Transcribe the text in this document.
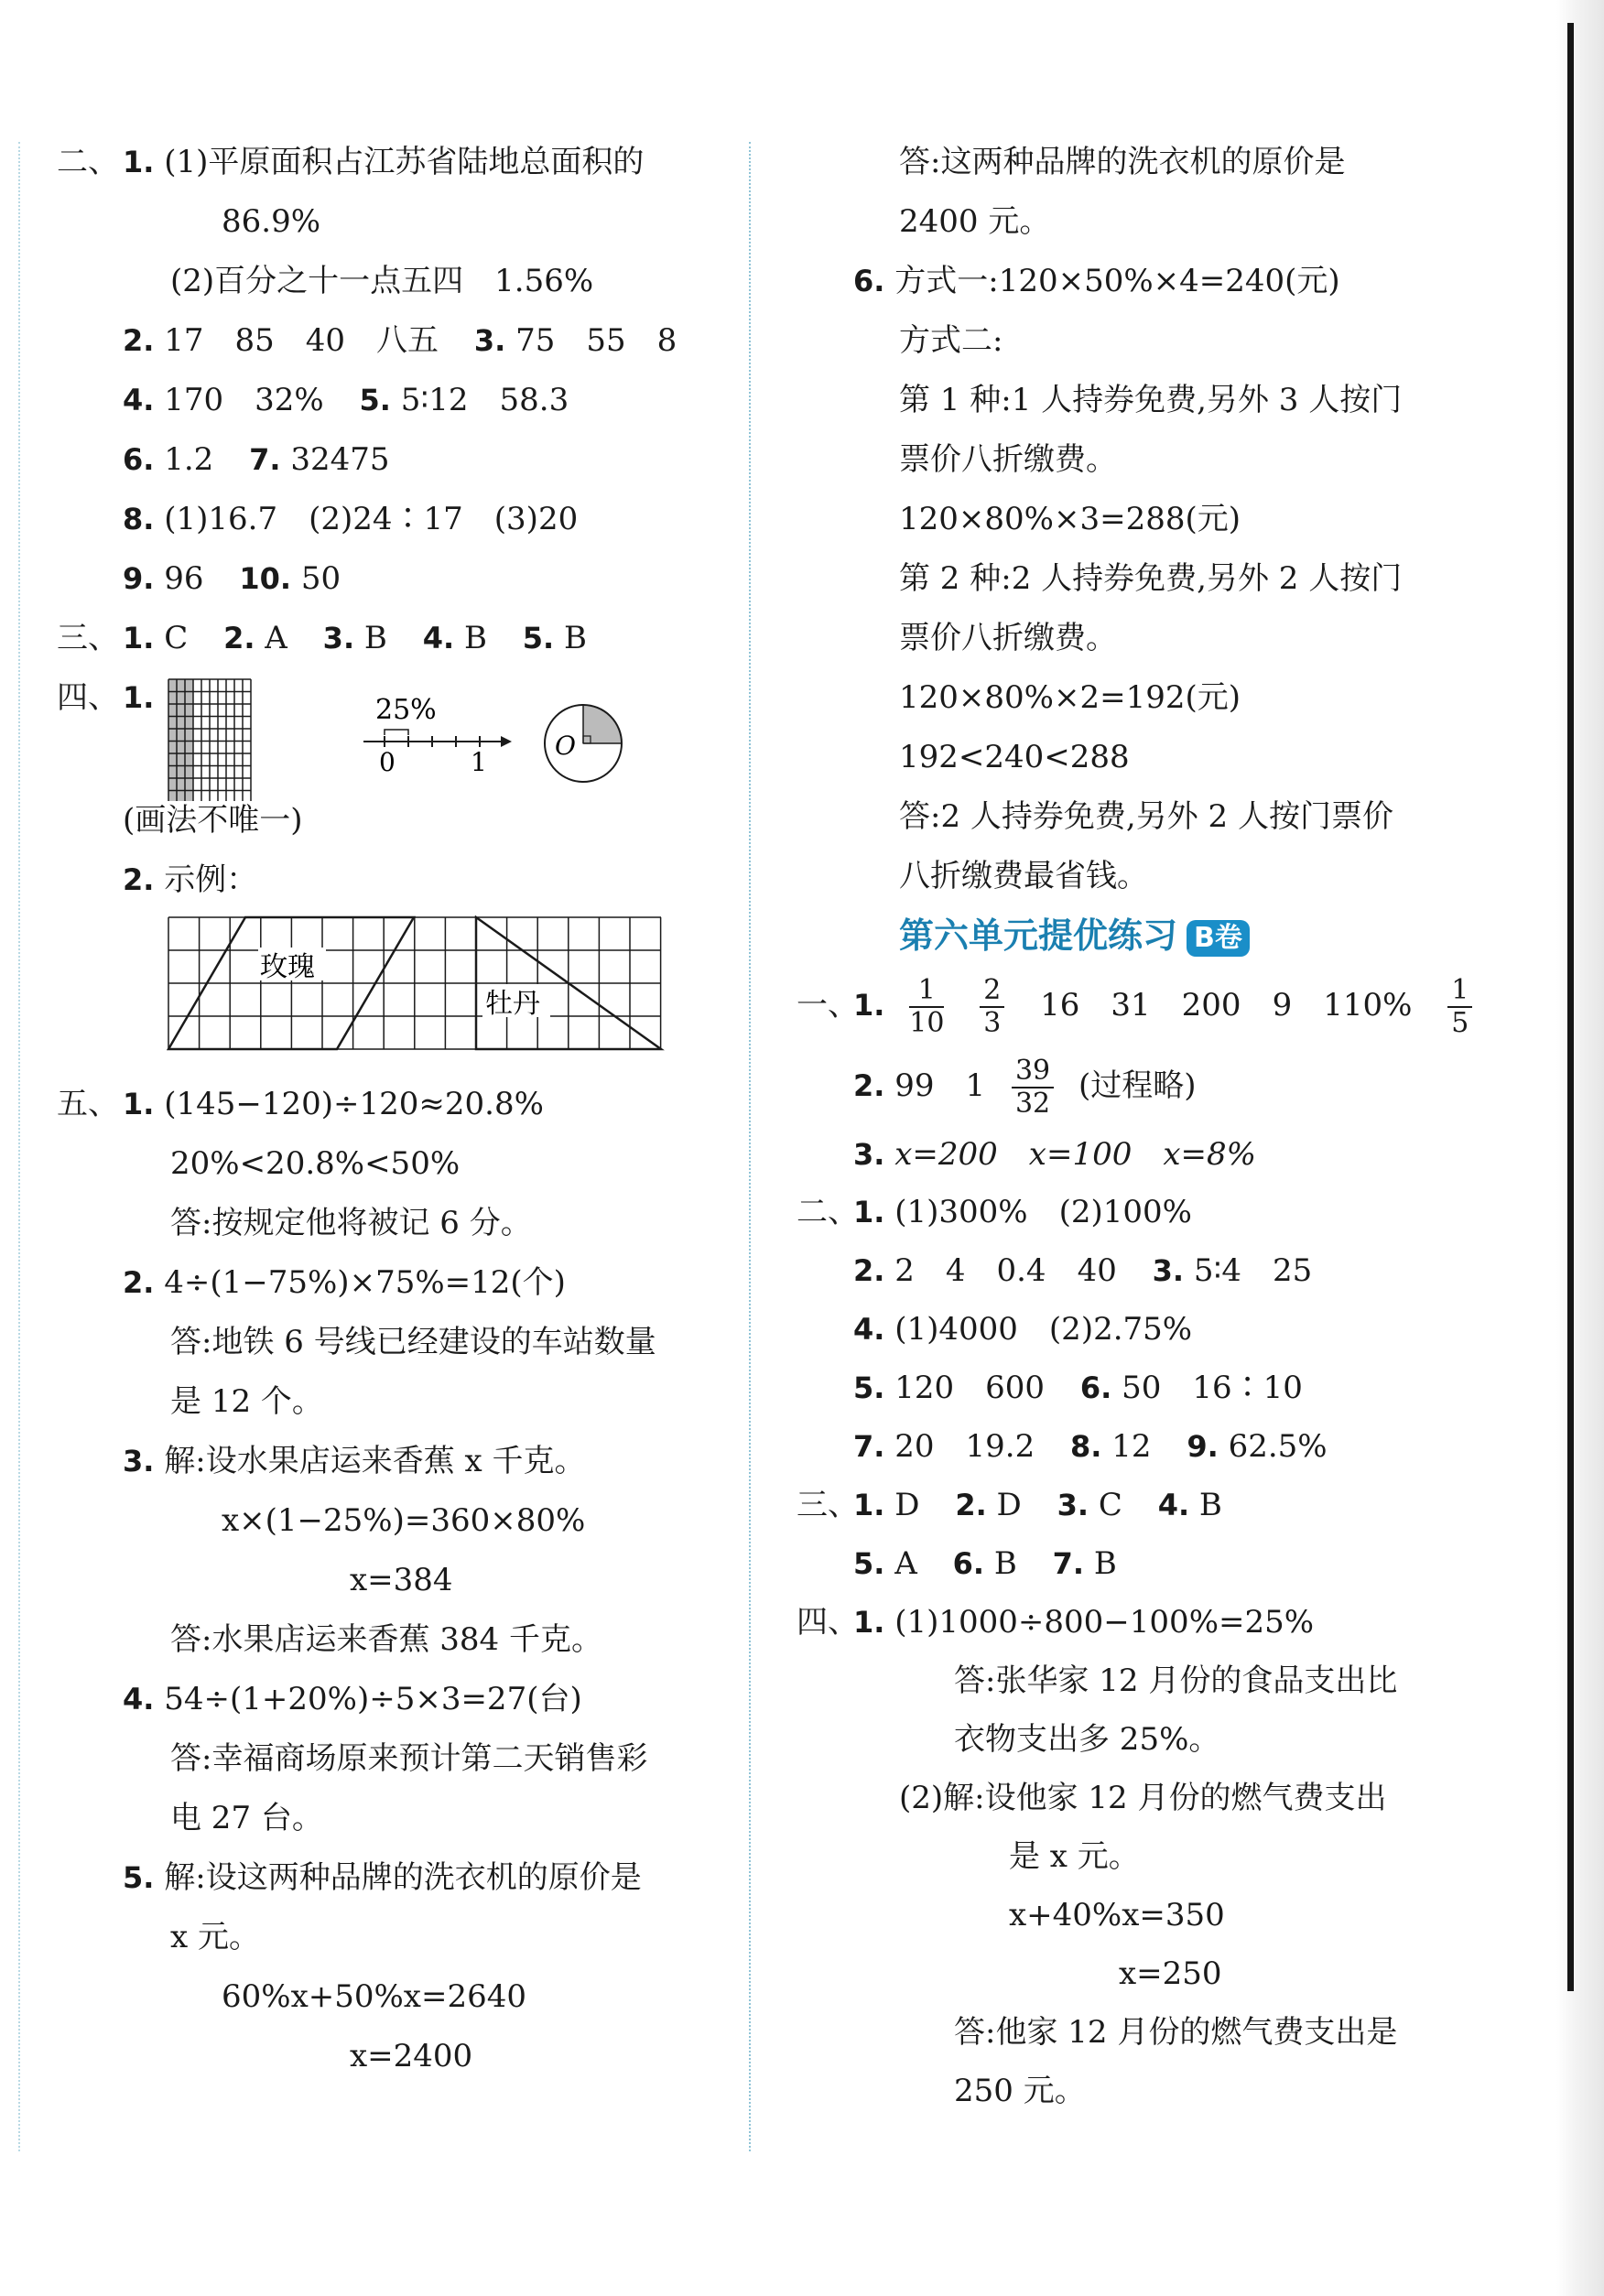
二、 1. (1)平原面积占江苏省陆地总面积的
86.9%
(2)百分之十一点五四　1.56%
2. 17　85　40　八五 3. 75　55　8
4. 170　32% 5. 5∶12　58.3
6. 1.2 7. 32475
8. (1)16.7　(2)24∶17　(3)20
9. 96 10. 50
三、 1. C 2. A 3. B 4. B 5. B
四、 1.	25%
0	1
O
(画法不唯一)
2. 示例：
玫瑰
牡丹
五、 1. (145−120)÷120≈20.8%
20%<20.8%<50%
答:按规定他将被记 6 分。
2. 4÷(1−75%)×75%=12(个)
答:地铁 6 号线已经建设的车站数量
是 12 个。
3. 解:设水果店运来香蕉 x 千克。
x×(1−25%)=360×80%
x=384
答:水果店运来香蕉 384 千克。
4. 54÷(1+20%)÷5×3=27(台)
答:幸福商场原来预计第二天销售彩
电 27 台。
5. 解:设这两种品牌的洗衣机的原价是
x 元。
60%x+50%x=2640
x=2400
答:这两种品牌的洗衣机的原价是
2400 元。
6. 方式一:120×50%×4=240(元)
方式二:
第 1 种:1 人持券免费,另外 3 人按门
票价八折缴费。
120×80%×3=288(元)
第 2 种:2 人持券免费,另外 2 人按门
票价八折缴费。
120×80%×2=192(元)
192<240<288
答:2 人持券免费,另外 2 人按门票价
八折缴费最省钱。
第六单元提优练习 B卷
一、1. $\frac{1}{10}$
$\frac{2}{3} 16$　31　200　9　$110\% \frac{1}{5}$
2. 99　$1 \frac{39}{32}$ (过程略)
3. x=200　x=100　x=8%
二、1. (1)300%　(2)100%
2. 2　4　0.4　40 3. 5∶4　25
4. (1)4000　(2)2.75%
5. 120　600 6. 50　16∶10
7. 20　19.2 8. 12 9. 62.5%
三、1. D 2. D 3. C 4. B
5. A 6. B 7. B
四、1. (1)1000÷800−100%=25%
答:张华家 12 月份的食品支出比
衣物支出多 25%。
(2)解:设他家 12 月份的燃气费支出
是 x 元。
x+40%x=350
x=250
答:他家 12 月份的燃气费支出是
250 元。
